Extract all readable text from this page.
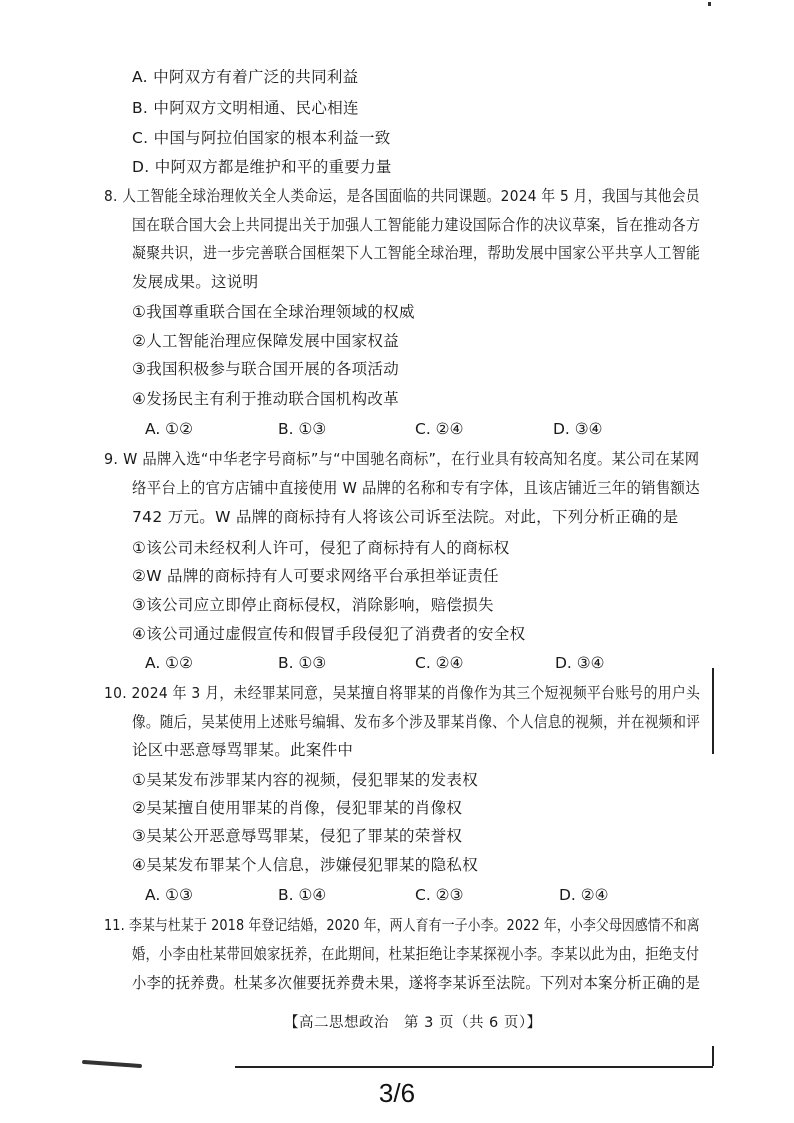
A. 中阿双方有着广泛的共同利益
B. 中阿双方文明相通、民心相连
C. 中国与阿拉伯国家的根本利益一致
D. 中阿双方都是维护和平的重要力量
8. 人工智能全球治理攸关全人类命运，是各国面临的共同课题。2024 年 5 月，我国与其他会员
国在联合国大会上共同提出关于加强人工智能能力建设国际合作的决议草案，旨在推动各方
凝聚共识，进一步完善联合国框架下人工智能全球治理，帮助发展中国家公平共享人工智能
发展成果。这说明
①我国尊重联合国在全球治理领域的权威
②人工智能治理应保障发展中国家权益
③我国积极参与联合国开展的各项活动
④发扬民主有利于推动联合国机构改革
A. ①②	B. ①③	C. ②④	D. ③④
9. W 品牌入选“中华老字号商标”与“中国驰名商标”，在行业具有较高知名度。某公司在某网
络平台上的官方店铺中直接使用 W 品牌的名称和专有字体，且该店铺近三年的销售额达
742 万元。W 品牌的商标持有人将该公司诉至法院。对此，下列分析正确的是
①该公司未经权利人许可，侵犯了商标持有人的商标权
②W 品牌的商标持有人可要求网络平台承担举证责任
③该公司应立即停止商标侵权，消除影响，赔偿损失
④该公司通过虚假宣传和假冒手段侵犯了消费者的安全权
A. ①②	B. ①③	C. ②④	D. ③④
10. 2024 年 3 月，未经罪某同意，吴某擅自将罪某的肖像作为其三个短视频平台账号的用户头
像。随后，吴某使用上述账号编辑、发布多个涉及罪某肖像、个人信息的视频，并在视频和评
论区中恶意辱骂罪某。此案件中
①吴某发布涉罪某内容的视频，侵犯罪某的发表权
②吴某擅自使用罪某的肖像，侵犯罪某的肖像权
③吴某公开恶意辱骂罪某，侵犯了罪某的荣誉权
④吴某发布罪某个人信息，涉嫌侵犯罪某的隐私权
A. ①③	B. ①④	C. ②③	D. ②④
11. 李某与杜某于 2018 年登记结婚，2020 年，两人育有一子小李。2022 年，小李父母因感情不和离
婚，小李由杜某带回娘家抚养，在此期间，杜某拒绝让李某探视小李。李某以此为由，拒绝支付
小李的抚养费。杜某多次催要抚养费未果，遂将李某诉至法院。下列对本案分析正确的是
【高二思想政治　第 3 页（共 6 页）】
3/6
